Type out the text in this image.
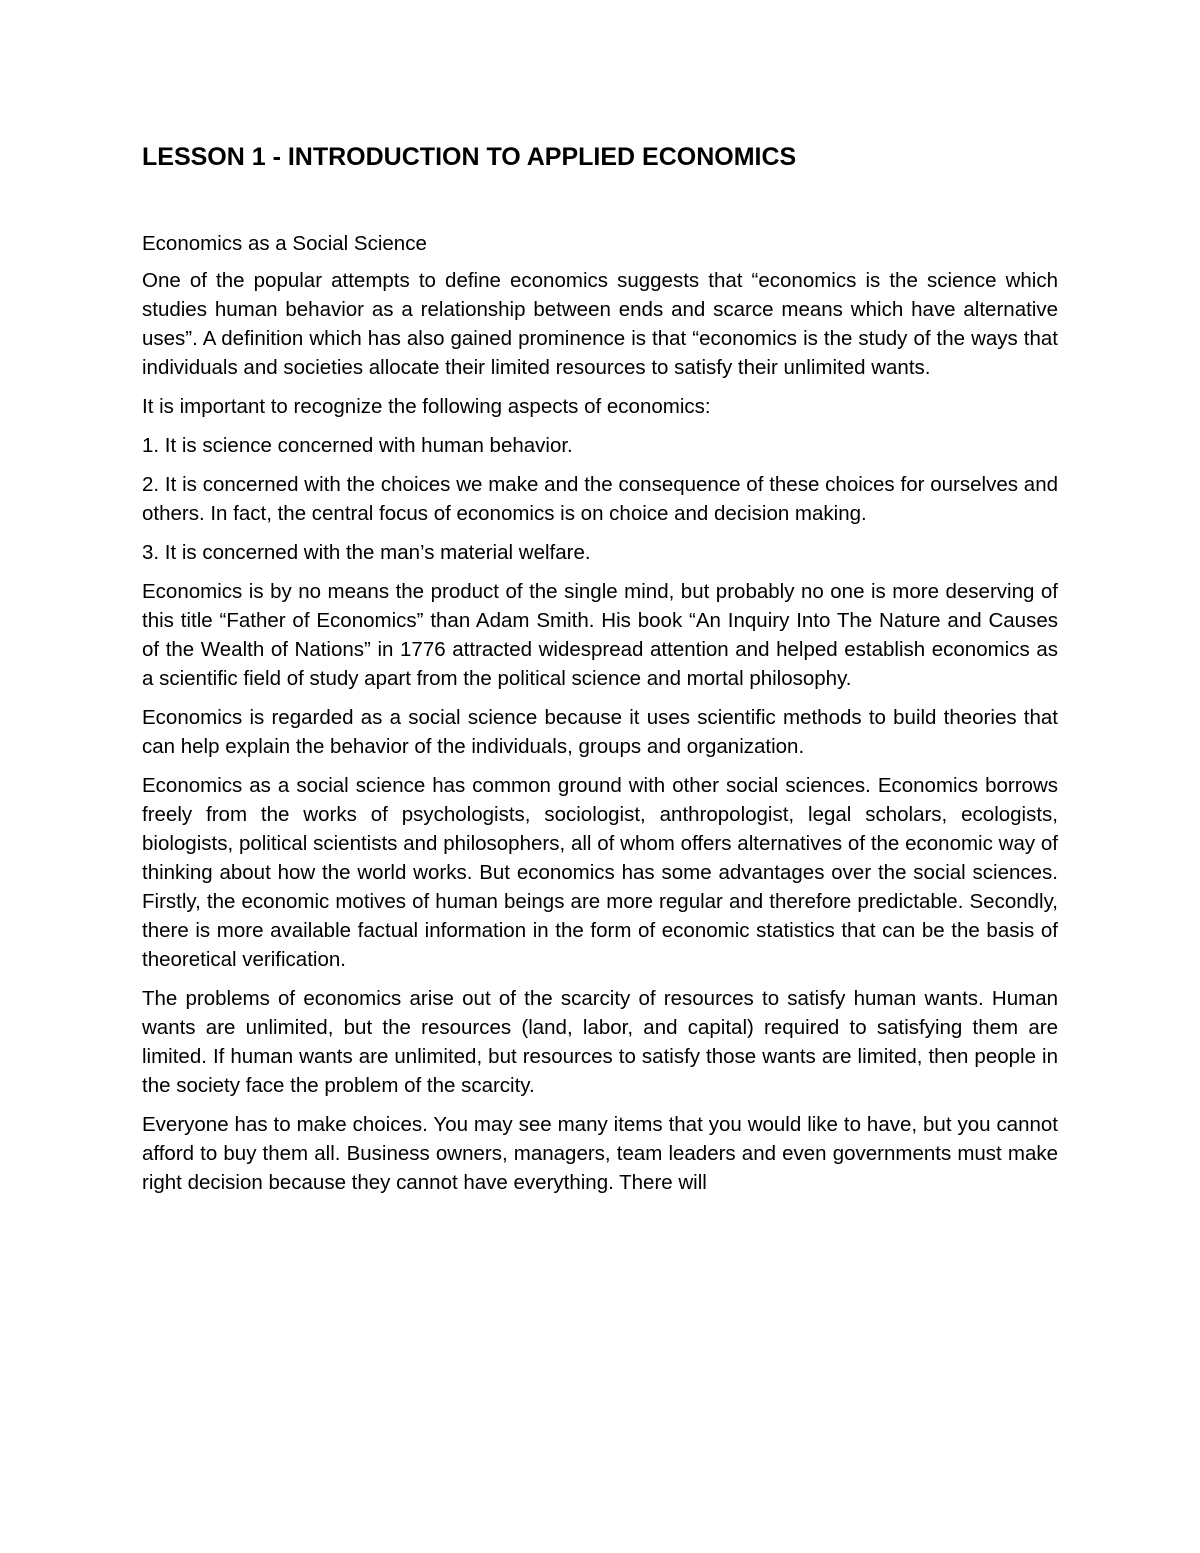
LESSON 1 - INTRODUCTION TO APPLIED ECONOMICS

Economics as a Social Science

One of the popular attempts to define economics suggests that “economics is the science which studies human behavior as a relationship between ends and scarce means which have alternative uses”. A definition which has also gained prominence is that “economics is the study of the ways that individuals and societies allocate their limited resources to satisfy their unlimited wants.

It is important to recognize the following aspects of economics:

1. It is science concerned with human behavior.

2. It is concerned with the choices we make and the consequence of these choices for ourselves and others. In fact, the central focus of economics is on choice and decision making.

3. It is concerned with the man’s material welfare.

Economics is by no means the product of the single mind, but probably no one is more deserving of this title “Father of Economics” than Adam Smith. His book “An Inquiry Into The Nature and Causes of the Wealth of Nations” in 1776 attracted widespread attention and helped establish economics as a scientific field of study apart from the political science and mortal philosophy.

Economics is regarded as a social science because it uses scientific methods to build theories that can help explain the behavior of the individuals, groups and organization.

Economics as a social science has common ground with other social sciences. Economics borrows freely from the works of psychologists, sociologist, anthropologist, legal scholars, ecologists, biologists, political scientists and philosophers, all of whom offers alternatives of the economic way of thinking about how the world works. But economics has some advantages over the social sciences. Firstly, the economic motives of human beings are more regular and therefore predictable. Secondly, there is more available factual information in the form of economic statistics that can be the basis of theoretical verification.

The problems of economics arise out of the scarcity of resources to satisfy human wants. Human wants are unlimited, but the resources (land, labor, and capital) required to satisfying them are limited. If human wants are unlimited, but resources to satisfy those wants are limited, then people in the society face the problem of the scarcity.

Everyone has to make choices. You may see many items that you would like to have, but you cannot afford to buy them all. Business owners, managers, team leaders and even governments must make right decision because they cannot have everything. There will
